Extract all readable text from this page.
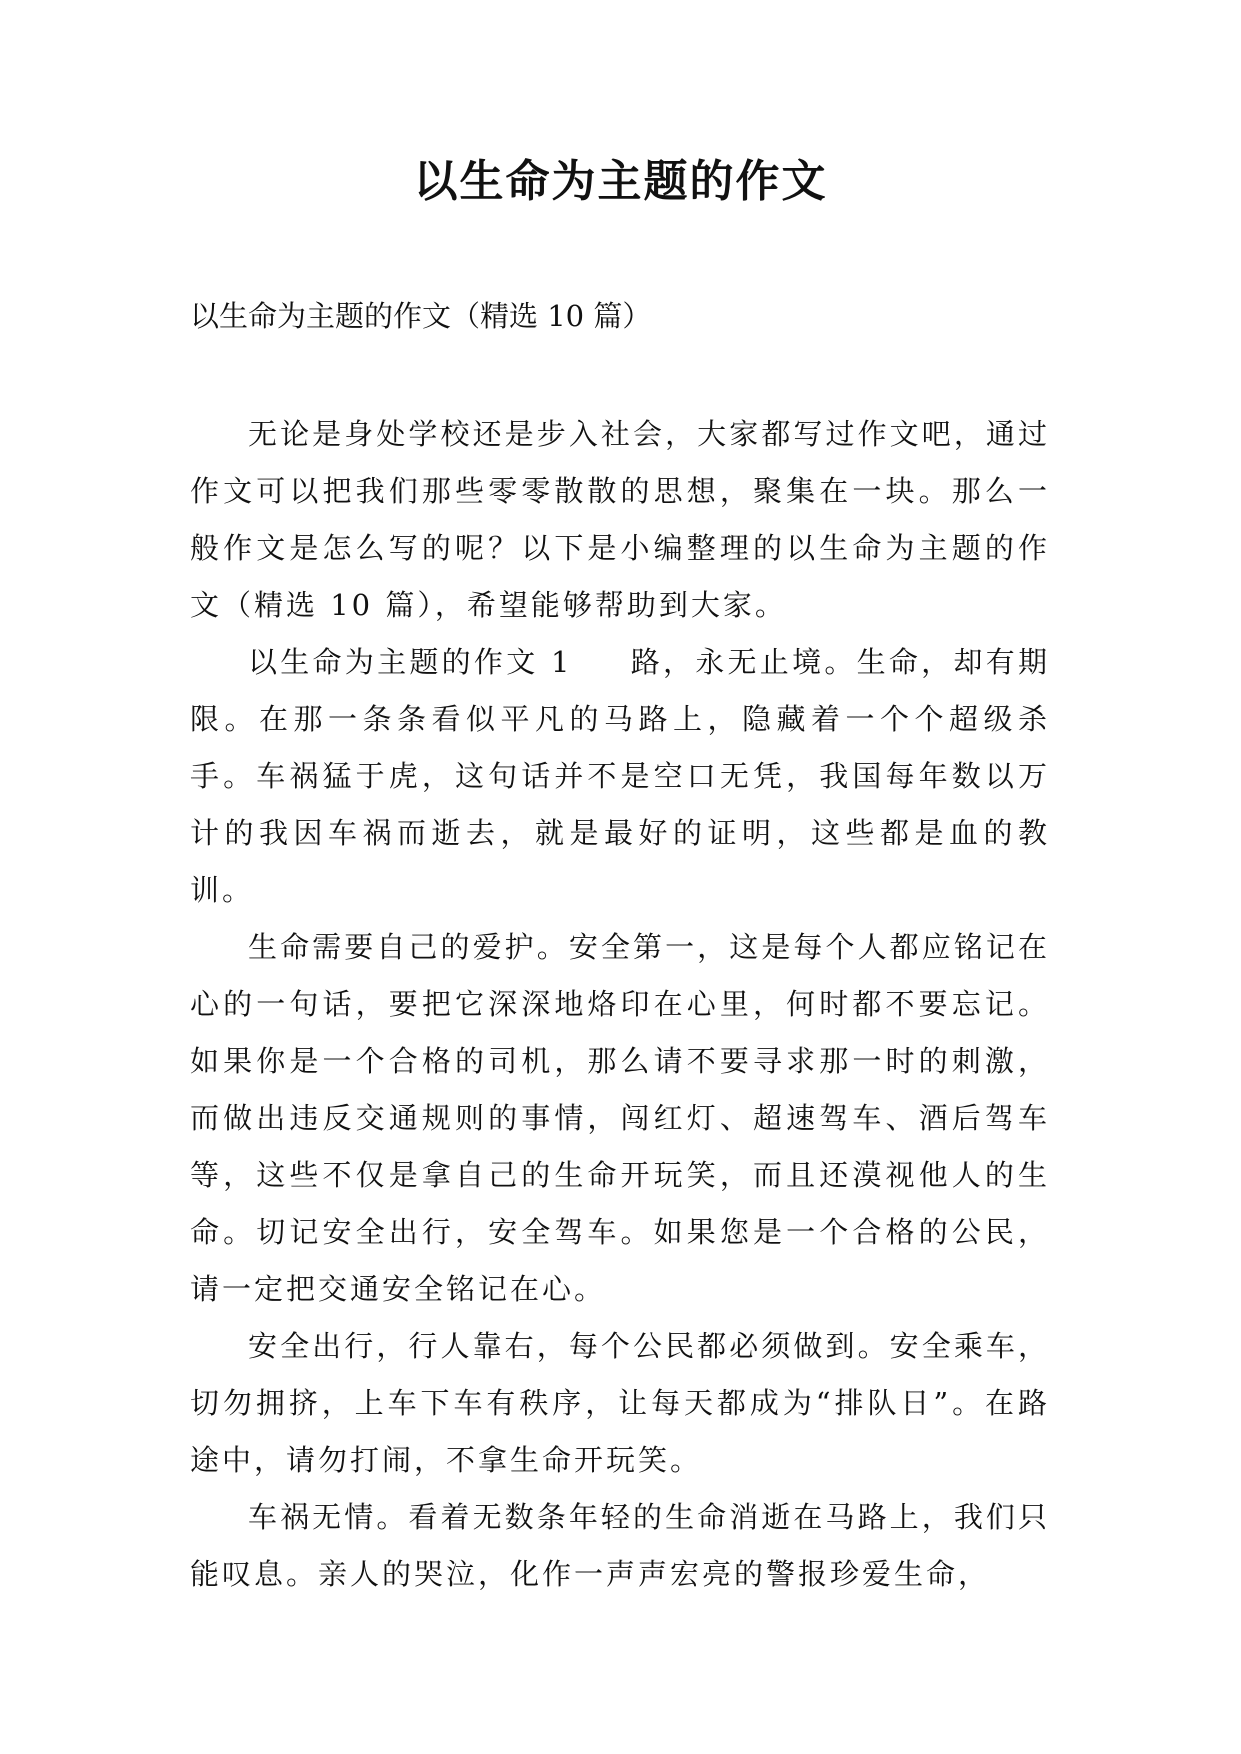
以生命为主题的作文

以生命为主题的作文（精选 10 篇）

无论是身处学校还是步入社会，大家都写过作文吧，通过作文可以把我们那些零零散散的思想，聚集在一块。那么一般作文是怎么写的呢？以下是小编整理的以生命为主题的作文（精选 10 篇），希望能够帮助到大家。

以生命为主题的作文 1 路，永无止境。生命，却有期限。在那一条条看似平凡的马路上，隐藏着一个个超级杀手。车祸猛于虎，这句话并不是空口无凭，我国每年数以万计的我因车祸而逝去，就是最好的证明，这些都是血的教训。

生命需要自己的爱护。安全第一，这是每个人都应铭记在心的一句话，要把它深深地烙印在心里，何时都不要忘记。如果你是一个合格的司机，那么请不要寻求那一时的刺激，而做出违反交通规则的事情，闯红灯、超速驾车、酒后驾车等，这些不仅是拿自己的生命开玩笑，而且还漠视他人的生命。切记安全出行，安全驾车。如果您是一个合格的公民，请一定把交通安全铭记在心。

安全出行，行人靠右，每个公民都必须做到。安全乘车，切勿拥挤，上车下车有秩序，让每天都成为“排队日”。在路途中，请勿打闹，不拿生命开玩笑。

车祸无情。看着无数条年轻的生命消逝在马路上，我们只能叹息。亲人的哭泣，化作一声声宏亮的警报珍爱生命，
